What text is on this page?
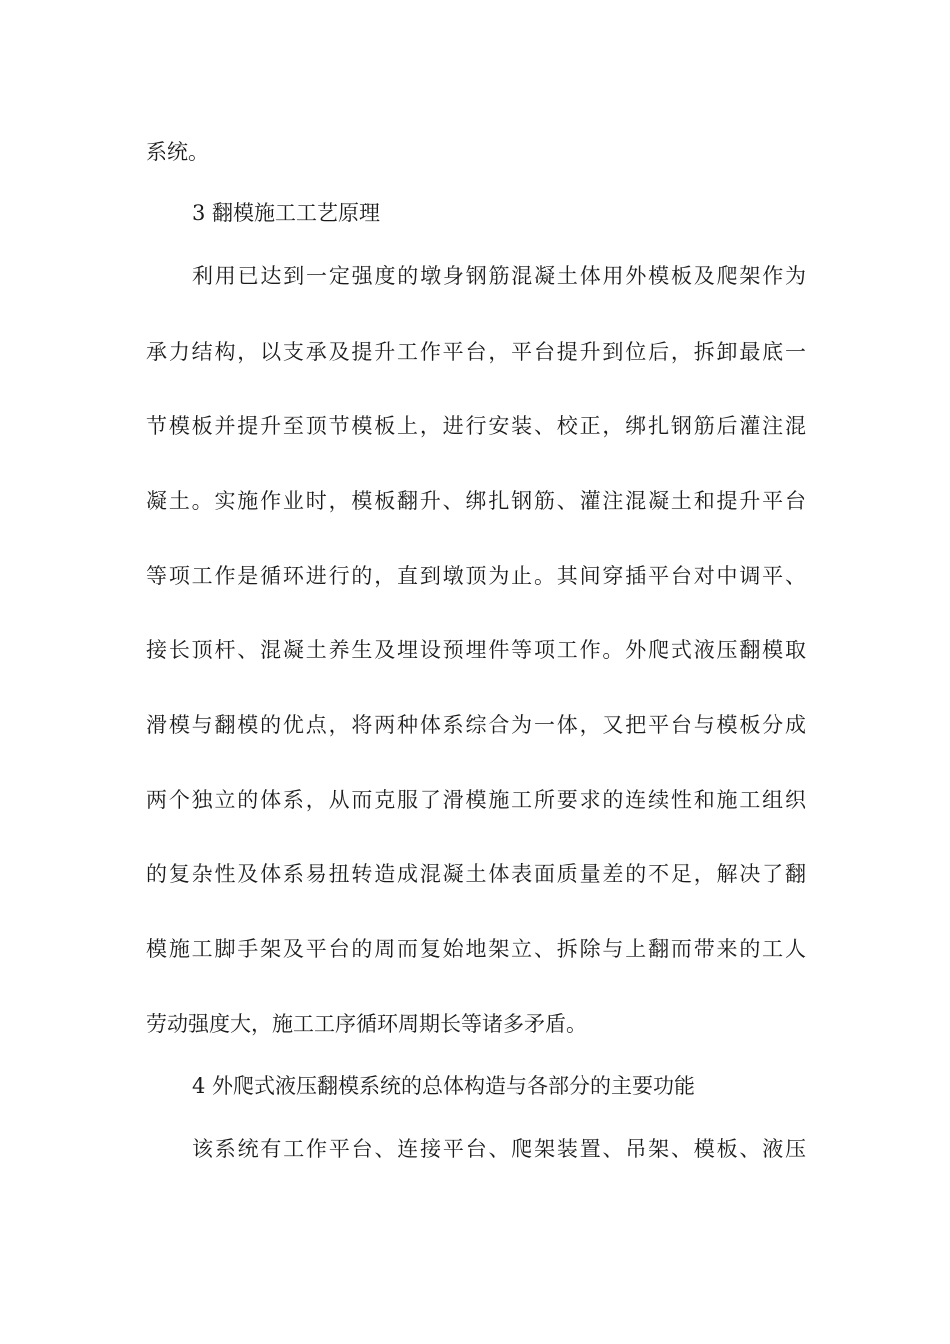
系统。
3 翻模施工工艺原理
利用已达到一定强度的墩身钢筋混凝土体用外模板及爬架作为
承力结构，以支承及提升工作平台，平台提升到位后，拆卸最底一
节模板并提升至顶节模板上，进行安装、校正，绑扎钢筋后灌注混
凝土。实施作业时，模板翻升、绑扎钢筋、灌注混凝土和提升平台
等项工作是循环进行的，直到墩顶为止。其间穿插平台对中调平、
接长顶杆、混凝土养生及埋设预埋件等项工作。外爬式液压翻模取
滑模与翻模的优点，将两种体系综合为一体，又把平台与模板分成
两个独立的体系，从而克服了滑模施工所要求的连续性和施工组织
的复杂性及体系易扭转造成混凝土体表面质量差的不足，解决了翻
模施工脚手架及平台的周而复始地架立、拆除与上翻而带来的工人
劳动强度大，施工工序循环周期长等诸多矛盾。
4 外爬式液压翻模系统的总体构造与各部分的主要功能
该系统有工作平台、连接平台、爬架装置、吊架、模板、液压
